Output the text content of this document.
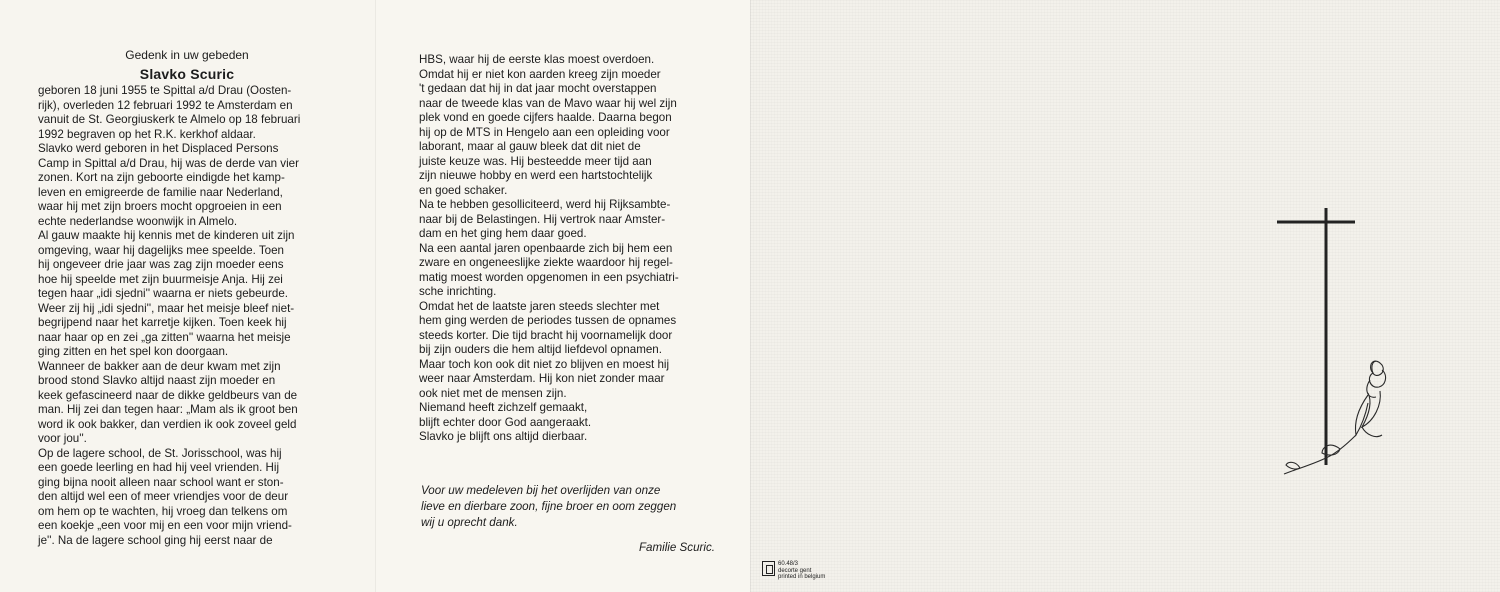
Gedenk in uw gebeden
Slavko Scuric
geboren 18 juni 1955 te Spittal a/d Drau (Oosten-
rijk), overleden 12 februari 1992 te Amsterdam en
vanuit de St. Georgiuskerk te Almelo op 18 februari
1992 begraven op het R.K. kerkhof aldaar.
Slavko werd geboren in het Displaced Persons
Camp in Spittal a/d Drau, hij was de derde van vier
zonen. Kort na zijn geboorte eindigde het kamp-
leven en emigreerde de familie naar Nederland,
waar hij met zijn broers mocht opgroeien in een
echte nederlandse woonwijk in Almelo.
Al gauw maakte hij kennis met de kinderen uit zijn
omgeving, waar hij dagelijks mee speelde. Toen
hij ongeveer drie jaar was zag zijn moeder eens
hoe hij speelde met zijn buurmeisje Anja. Hij zei
tegen haar „idi sjedni'' waarna er niets gebeurde.
Weer zij hij „idi sjedni'', maar het meisje bleef niet-
begrijpend naar het karretje kijken. Toen keek hij
naar haar op en zei „ga zitten'' waarna het meisje
ging zitten en het spel kon doorgaan.
Wanneer de bakker aan de deur kwam met zijn
brood stond Slavko altijd naast zijn moeder en
keek gefascineerd naar de dikke geldbeurs van de
man. Hij zei dan tegen haar: „Mam als ik groot ben
word ik ook bakker, dan verdien ik ook zoveel geld
voor jou''.
Op de lagere school, de St. Jorisschool, was hij
een goede leerling en had hij veel vrienden. Hij
ging bijna nooit alleen naar school want er ston-
den altijd wel een of meer vriendjes voor de deur
om hem op te wachten, hij vroeg dan telkens om
een koekje „een voor mij en een voor mijn vriend-
je''. Na de lagere school ging hij eerst naar de
HBS, waar hij de eerste klas moest overdoen.
Omdat hij er niet kon aarden kreeg zijn moeder
't gedaan dat hij in dat jaar mocht overstappen
naar de tweede klas van de Mavo waar hij wel zijn
plek vond en goede cijfers haalde. Daarna begon
hij op de MTS in Hengelo aan een opleiding voor
laborant, maar al gauw bleek dat dit niet de
juiste keuze was. Hij besteedde meer tijd aan
zijn nieuwe hobby en werd een hartstochtelijk
en goed schaker.
Na te hebben gesolliciteerd, werd hij Rijksambte-
naar bij de Belastingen. Hij vertrok naar Amster-
dam en het ging hem daar goed.
Na een aantal jaren openbaarde zich bij hem een
zware en ongeneeslijke ziekte waardoor hij regel-
matig moest worden opgenomen in een psychiatri-
sche inrichting.
Omdat het de laatste jaren steeds slechter met
hem ging werden de periodes tussen de opnames
steeds korter. Die tijd bracht hij voornamelijk door
bij zijn ouders die hem altijd liefdevol opnamen.
Maar toch kon ook dit niet zo blijven en moest hij
weer naar Amsterdam. Hij kon niet zonder maar
ook niet met de mensen zijn.
Niemand heeft zichzelf gemaakt,
blijft echter door God aangeraakt.
Slavko je blijft ons altijd dierbaar.
Voor uw medeleven bij het overlijden van onze
lieve en dierbare zoon, fijne broer en oom zeggen
wij u oprecht dank.
Familie Scuric.
60.48/3
decorte gent
printed in belgium
